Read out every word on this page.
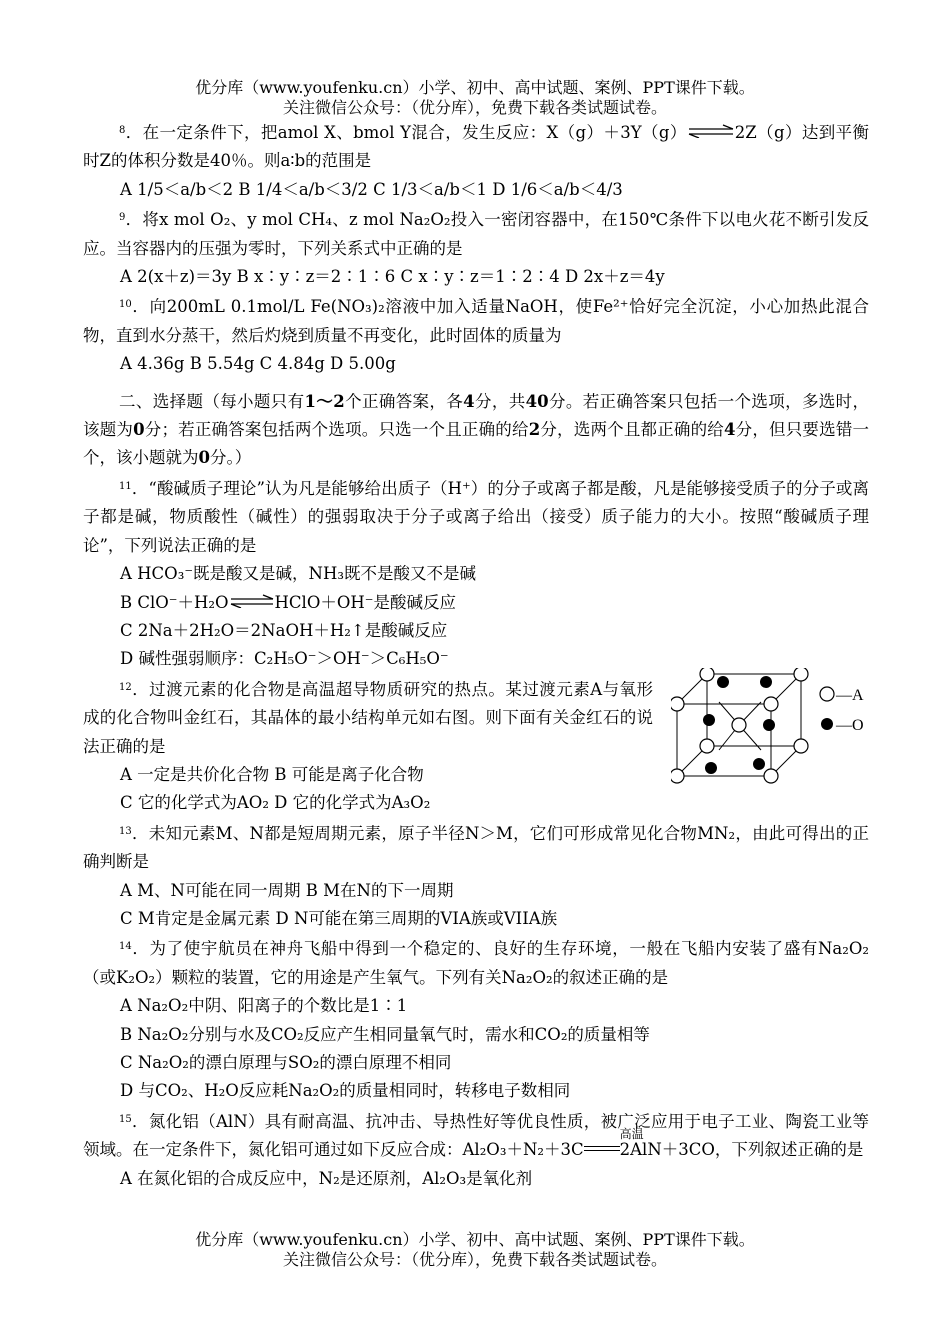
优分库（www.youfenku.cn）小学、初中、高中试题、案例、PPT课件下载。
关注微信公众号：（优分库），免费下载各类试题试卷。

$^8$．在一定条件下，把amol X、bmol Y混合，发生反应：X（g）＋3Y（g）⇌2Z（g）达到平衡时Z的体积分数是40％。则a∶b的范围是

A 1/5＜a/b＜2 B 1/4＜a/b＜3/2 C 1/3＜a/b＜1 D 1/6＜a/b＜4/3

$^9$．将x mol O₂、y mol CH₄、z mol Na₂O₂投入一密闭容器中，在150℃条件下以电火花不断引发反应。当容器内的压强为零时，下列关系式中正确的是

A 2(x＋z)＝3y B x∶y∶z＝2∶1∶6 C x∶y∶z＝1∶2∶4 D 2x＋z＝4y

$^{10}$．向200mL 0.1mol/L Fe(NO₃)₂溶液中加入适量NaOH，使Fe²⁺恰好完全沉淀，小心加热此混合物，直到水分蒸干，然后灼烧到质量不再变化，此时固体的质量为

A 4.36g B 5.54g C 4.84g D 5.00g

二、选择题（每小题只有1～2个正确答案，各4分，共40分。若正确答案只包括一个选项，多选时，该题为0分；若正确答案包括两个选项。只选一个且正确的给2分，选两个且都正确的给4分，但只要选错一个，该小题就为0分。）

$^{11}$．“酸碱质子理论”认为凡是能够给出质子（H⁺）的分子或离子都是酸，凡是能够接受质子的分子或离子都是碱，物质酸性（碱性）的强弱取决于分子或离子给出（接受）质子能力的大小。按照“酸碱质子理论”，下列说法正确的是

A HCO₃⁻既是酸又是碱，NH₃既不是酸又不是碱

B ClO⁻＋H₂O⇌HClO＋OH⁻是酸碱反应

C 2Na＋2H₂O＝2NaOH＋H₂↑是酸碱反应

D 碱性强弱顺序：C₂H₅O⁻＞OH⁻＞C₆H₅O⁻

$^{12}$．过渡元素的化合物是高温超导物质研究的热点。某过渡元素A与氧形成的化合物叫金红石，其晶体的最小结构单元如右图。则下面有关金红石的说法正确的是

A 一定是共价化合物 B 可能是离子化合物

C 它的化学式为AO₂ D 它的化学式为A₃O₂

—A
—O

$^{13}$．未知元素M、N都是短周期元素，原子半径N＞M，它们可形成常见化合物MN₂，由此可得出的正确判断是

A M、N可能在同一周期 B M在N的下一周期

C M肯定是金属元素 D N可能在第三周期的VIA族或VIIA族

$^{14}$．为了使宇航员在神舟飞船中得到一个稳定的、良好的生存环境，一般在飞船内安装了盛有Na₂O₂（或K₂O₂）颗粒的装置，它的用途是产生氧气。下列有关Na₂O₂的叙述正确的是

A Na₂O₂中阴、阳离子的个数比是1∶1

B Na₂O₂分别与水及CO₂反应产生相同量氧气时，需水和CO₂的质量相等

C Na₂O₂的漂白原理与SO₂的漂白原理不相同

D 与CO₂、H₂O反应耗Na₂O₂的质量相同时，转移电子数相同

$^{15}$．氮化铝（AlN）具有耐高温、抗冲击、导热性好等优良性质，被广泛应用于电子工业、陶瓷工业等领域。在一定条件下，氮化铝可通过如下反应合成：Al₂O₃＋N₂＋3C
高温
2AlN＋3CO，下列叙述正确的是

A 在氮化铝的合成反应中，N₂是还原剂，Al₂O₃是氧化剂

优分库（www.youfenku.cn）小学、初中、高中试题、案例、PPT课件下载。
关注微信公众号：（优分库），免费下载各类试题试卷。
